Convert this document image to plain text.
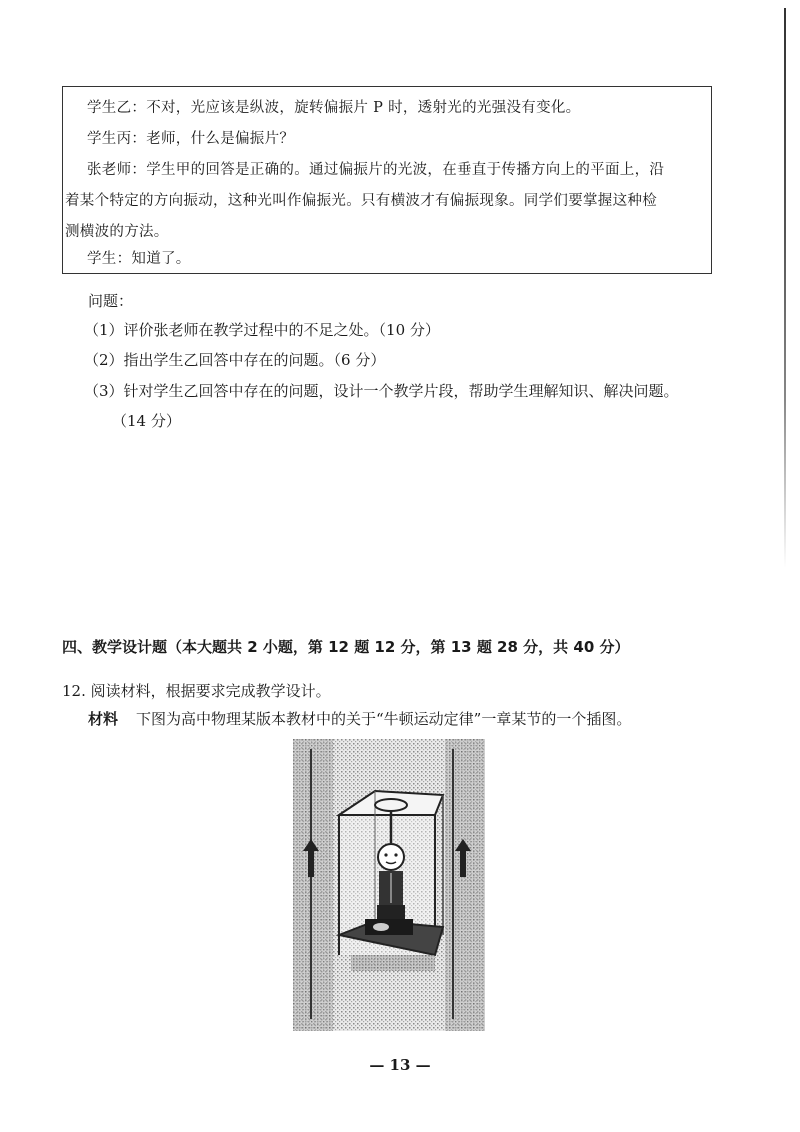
学生乙：不对，光应该是纵波，旋转偏振片 P 时，透射光的光强没有变化。
学生丙：老师，什么是偏振片？
张老师：学生甲的回答是正确的。通过偏振片的光波，在垂直于传播方向上的平面上，沿
着某个特定的方向振动，这种光叫作偏振光。只有横波才有偏振现象。同学们要掌握这种检
测横波的方法。
学生：知道了。
问题：
（1）评价张老师在教学过程中的不足之处。（10 分）
（2）指出学生乙回答中存在的问题。（6 分）
（3）针对学生乙回答中存在的问题，设计一个教学片段，帮助学生理解知识、解决问题。
（14 分）
四、教学设计题（本大题共 2 小题，第 12 题 12 分，第 13 题 28 分，共 40 分）
12. 阅读材料，根据要求完成教学设计。
材料 下图为高中物理某版本教材中的关于“牛顿运动定律”一章某节的一个插图。
— 13 —
